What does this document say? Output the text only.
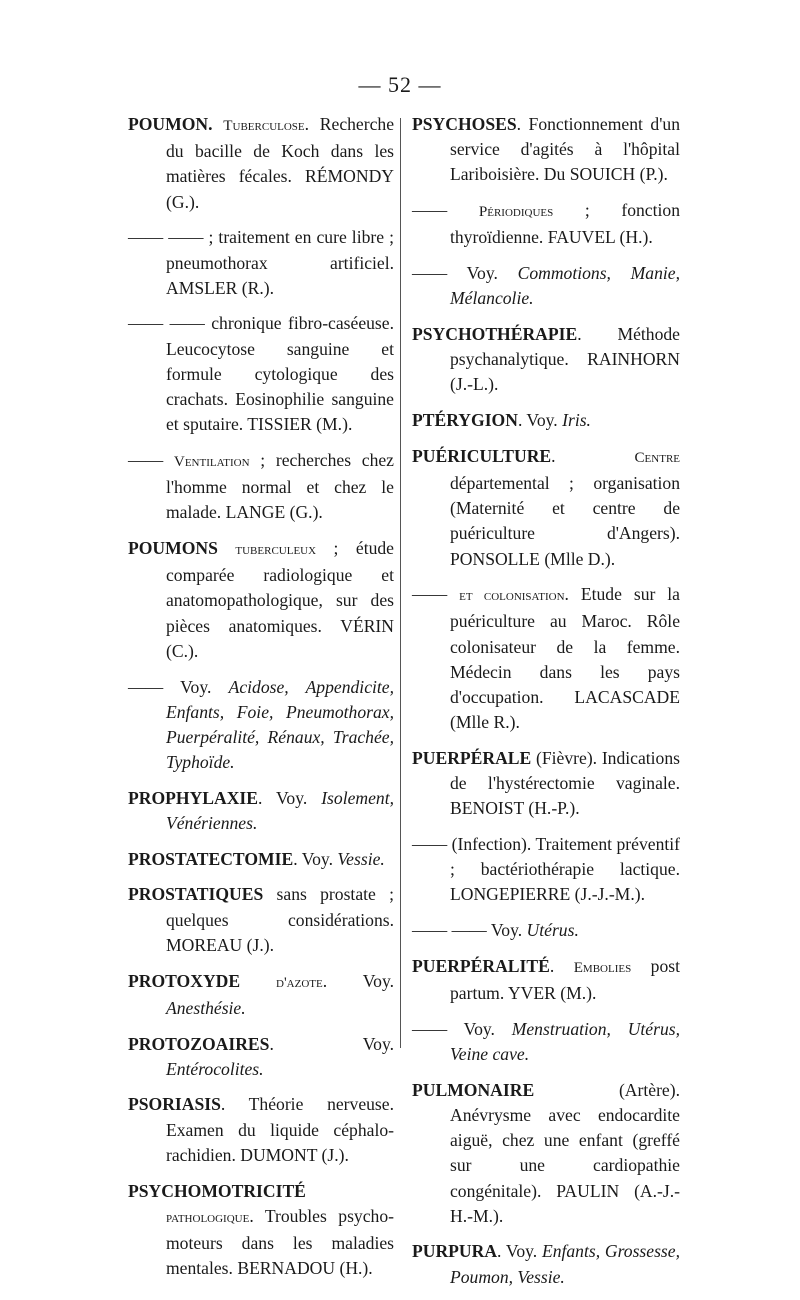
— 52 —

POUMON. Tuberculose. Recherche du bacille de Koch dans les matières fécales. RÉMONDY (G.).

—— —— ; traitement en cure libre ; pneumothorax artificiel. AMSLER (R.).

—— —— chronique fibro-caséeuse. Leucocytose sanguine et formule cytologique des crachats. Eosinophilie sanguine et sputaire. TISSIER (M.).

—— Ventilation ; recherches chez l'homme normal et chez le malade. LANGE (G.).

POUMONS tuberculeux ; étude comparée radiologique et anatomopathologique, sur des pièces anatomiques. VÉRIN (C.).

—— Voy. Acidose, Appendicite, Enfants, Foie, Pneumothorax, Puerpéralité, Rénaux, Trachée, Typhoïde.

PROPHYLAXIE. Voy. Isolement, Vénériennes.

PROSTATECTOMIE. Voy. Vessie.

PROSTATIQUES sans prostate ; quelques considérations. MOREAU (J.).

PROTOXYDE d'azote. Voy. Anesthésie.

PROTOZOAIRES. Voy. Entérocolites.

PSORIASIS. Théorie nerveuse. Examen du liquide céphalo-rachidien. DUMONT (J.).

PSYCHOMOTRICITÉ pathologique. Troubles psycho-moteurs dans les maladies mentales. BERNADOU (H.).

PSYCHOSES. Fonctionnement d'un service d'agités à l'hôpital Lariboisière. Du SOUICH (P.).

—— Périodiques ; fonction thyroïdienne. FAUVEL (H.).

—— Voy. Commotions, Manie, Mélancolie.

PSYCHOTHÉRAPIE. Méthode psychanalytique. RAINHORN (J.-L.).

PTÉRYGION. Voy. Iris.

PUÉRICULTURE. Centre départemental ; organisation (Maternité et centre de puériculture d'Angers). PONSOLLE (Mlle D.).

—— et colonisation. Etude sur la puériculture au Maroc. Rôle colonisateur de la femme. Médecin dans les pays d'occupation. LACASCADE (Mlle R.).

PUERPÉRALE (Fièvre). Indications de l'hystérectomie vaginale. BENOIST (H.-P.).

—— (Infection). Traitement préventif ; bactériothérapie lactique. LONGEPIERRE (J.-J.-M.).

—— —— Voy. Utérus.

PUERPÉRALITÉ. Embolies post partum. YVER (M.).

—— Voy. Menstruation, Utérus, Veine cave.

PULMONAIRE (Artère). Anévrysme avec endocardite aiguë, chez une enfant (greffé sur une cardiopathie congénitale). PAULIN (A.-J.-H.-M.).

PURPURA. Voy. Enfants, Grossesse, Poumon, Vessie.
